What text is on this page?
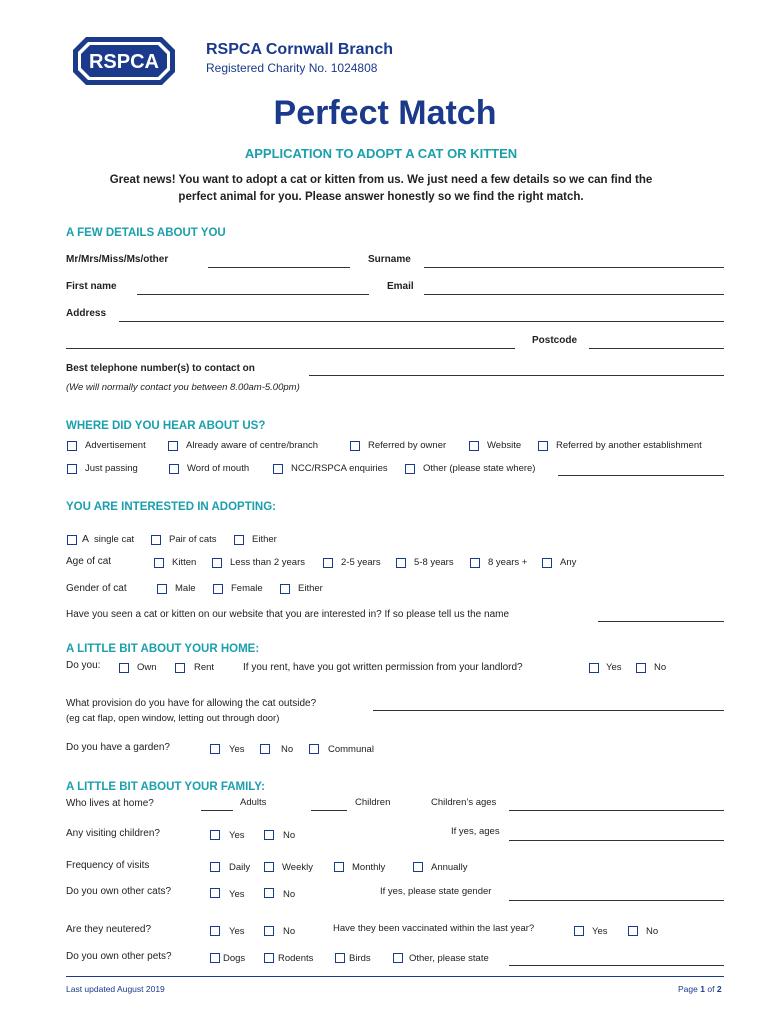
RSPCA
RSPCA Cornwall Branch
Registered Charity No. 1024808
Perfect Match
APPLICATION TO ADOPT A CAT OR KITTEN
Great news! You want to adopt a cat or kitten from us. We just need a few details so we can find the
perfect animal for you. Please answer honestly so we find the right match.
A FEW DETAILS ABOUT YOU
Mr/Mrs/Miss/Ms/other	Surname
First name	Email
Address
Postcode
Best telephone number(s) to contact on
(We will normally contact you between 8.00am-5.00pm)
WHERE DID YOU HEAR ABOUT US?
Advertisement	Already aware of centre/branch	Referred by owner	Website	Referred by another establishment
Just passing	Word of mouth	NCC/RSPCA enquiries	Other (please state where)
YOU ARE INTERESTED IN ADOPTING:
A single cat	Pair of cats	Either
Age of cat	Kitten	Less than 2 years	2-5 years	5-8 years	8 years +	Any
Gender of cat	Male	Female	Either
Have you seen a cat or kitten on our website that you are interested in? If so please tell us the name
A LITTLE BIT ABOUT YOUR HOME:
Do you:	Own	Rent	If you rent, have you got written permission from your landlord?	Yes	No
What provision do you have for allowing the cat outside?
(eg cat flap, open window, letting out through door)
Do you have a garden?	Yes	No	Communal
A LITTLE BIT ABOUT YOUR FAMILY:
Who lives at home?	Adults	Children	Children’s ages
Any visiting children?	Yes	No	If yes, ages
Frequency of visits	Daily	Weekly	Monthly	Annually
Do you own other cats?	Yes	No	If yes, please state gender
Are they neutered?	Yes	No	Have they been vaccinated within the last year?	Yes	No
Do you own other pets?	Dogs	Rodents	Birds	Other, please state
Last updated August 2019	Page 1 of 2
